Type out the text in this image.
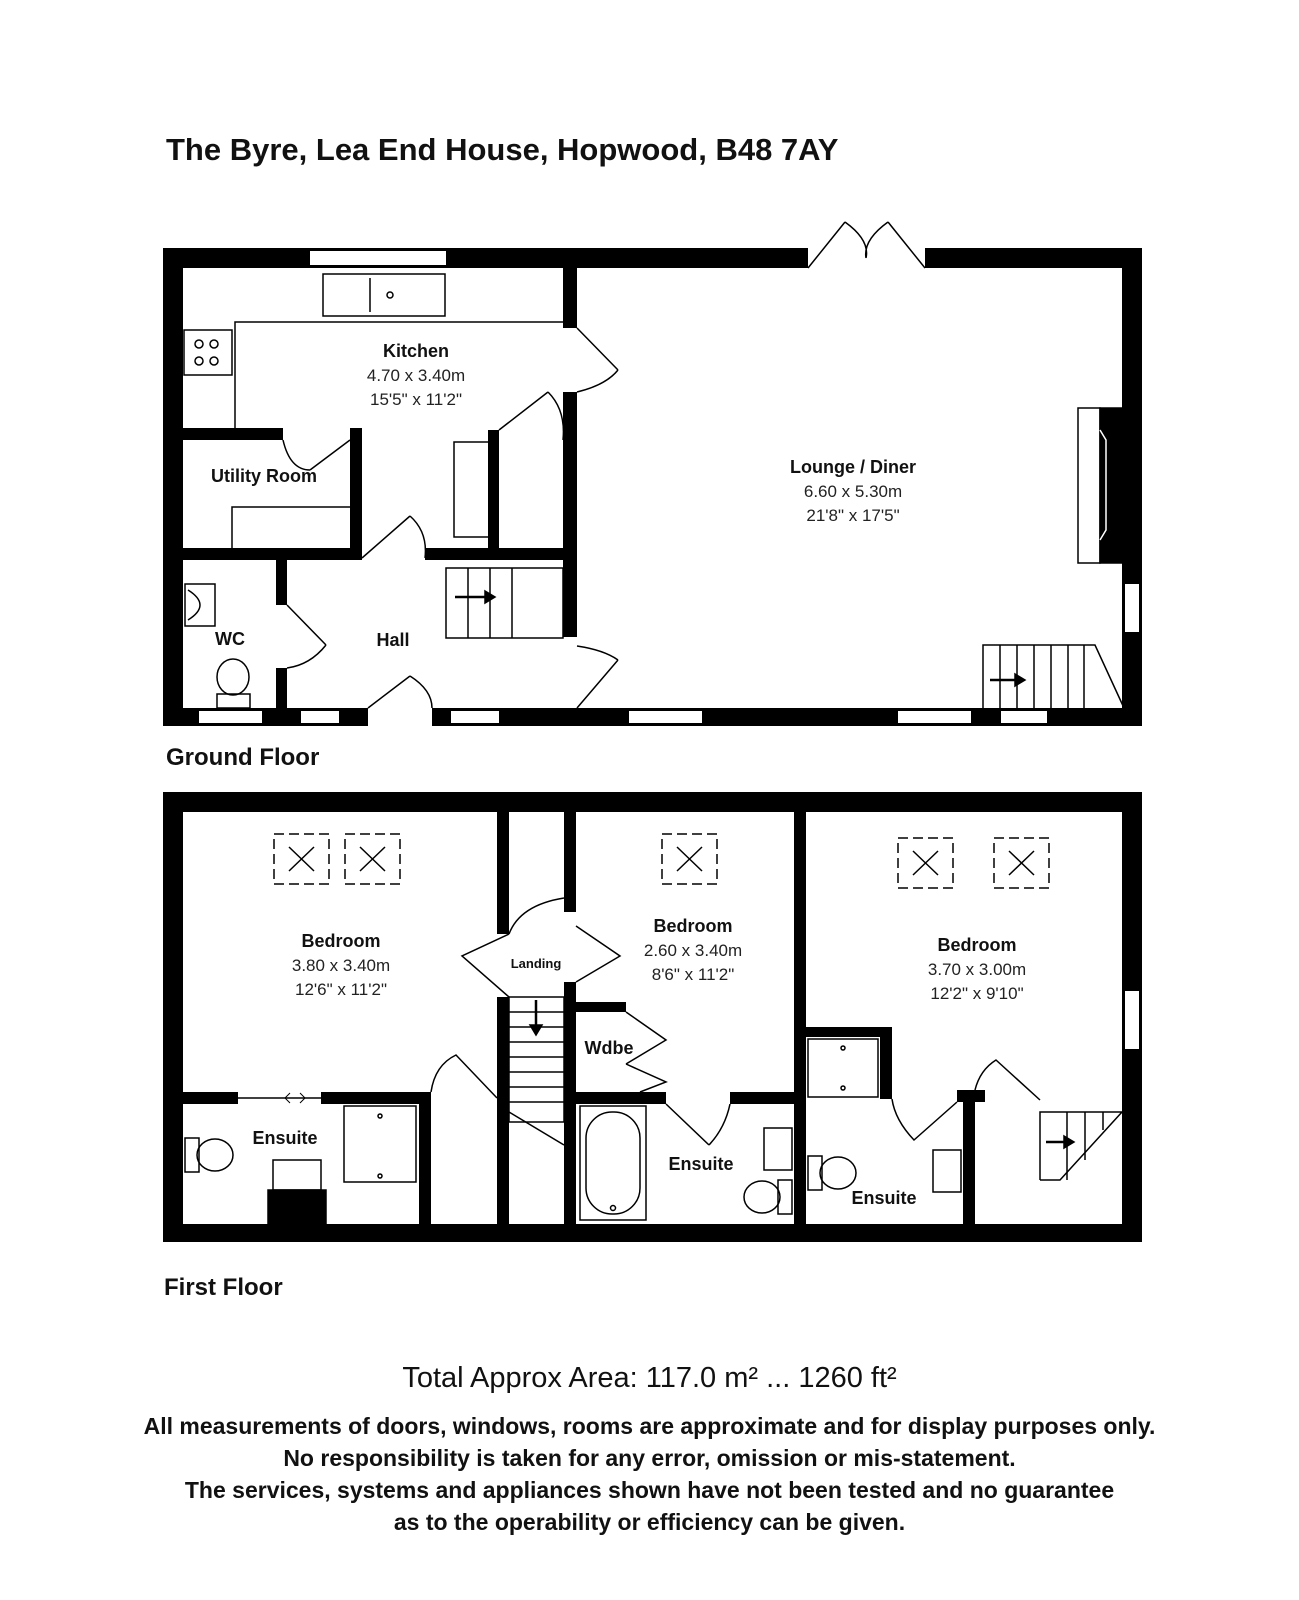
The Byre, Lea End House, Hopwood, B48 7AY
Kitchen
4.70 x 3.40m
15'5" x 11'2"
Utility Room
WC	Hall
Lounge / Diner
6.60 x 5.30m
21'8" x 17'5"
Bedroom
3.80 x 3.40m
12'6" x 11'2"
Landing
Bedroom
2.60 x 3.40m
8'6" x 11'2"
Wdbe
Bedroom
3.70 x 3.00m
12'2" x 9'10"
Ensuite
Ensuite
Ensuite
Ground Floor
First Floor
Total Approx Area: 117.0 m² ... 1260 ft²
All measurements of doors, windows, rooms are approximate and for display purposes only.
No responsibility is taken for any error, omission or mis-statement.
The services, systems and appliances shown have not been tested and no guarantee
as to the operability or efficiency can be given.
